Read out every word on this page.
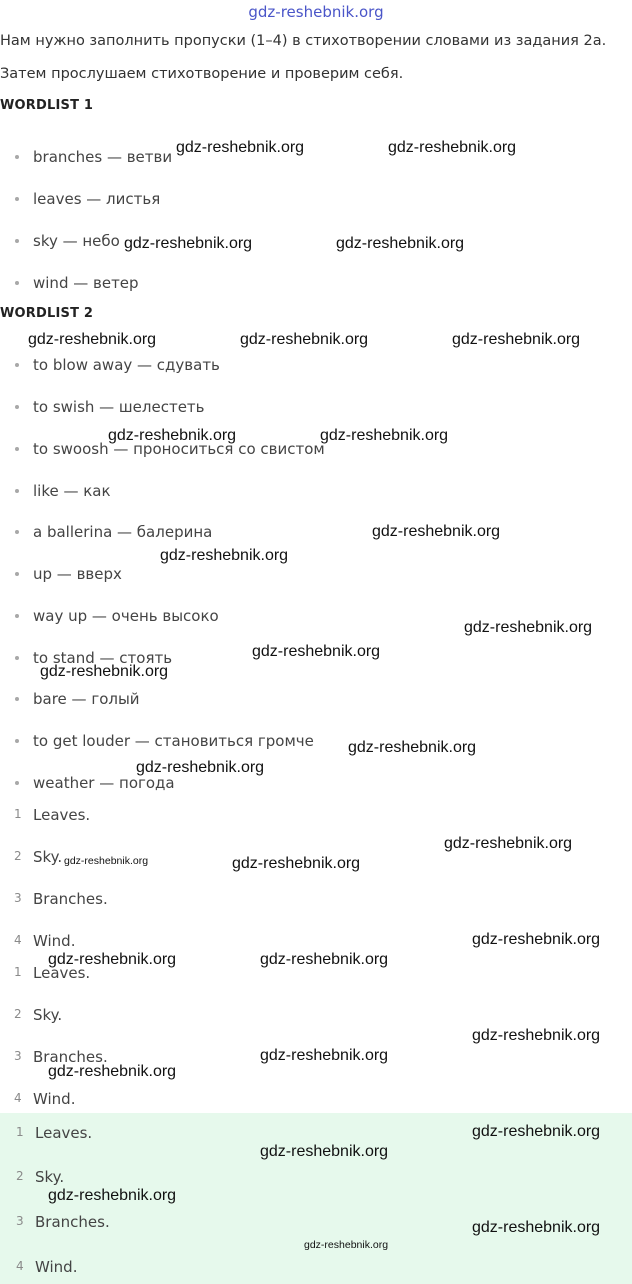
gdz-reshebnik.org
Нам нужно заполнить пропуски (1–4) в стихотворении словами из задания 2a.
Затем прослушаем стихотворение и проверим себя.
WORDLIST 1
branches — ветви
leaves — листья
sky — небо
wind — ветер
WORDLIST 2
to blow away — сдувать
to swish — шелестеть
to swoosh — проноситься со свистом
like — как
a ballerina — балерина
up — вверх
way up — очень высоко
to stand — стоять
bare — голый
to get louder — становиться громче
weather — погода
1 Leaves.
2 Sky.
3 Branches.
4 Wind.
1 Leaves.
2 Sky.
3 Branches.
4 Wind.
1 Leaves.
2 Sky.
3 Branches.
4 Wind.
gdz-reshebnik.org	gdz-reshebnik.org
gdz-reshebnik.org	gdz-reshebnik.org
gdz-reshebnik.org	gdz-reshebnik.org	gdz-reshebnik.org
gdz-reshebnik.org	gdz-reshebnik.org
gdz-reshebnik.org
gdz-reshebnik.org
gdz-reshebnik.org
gdz-reshebnik.org
gdz-reshebnik.org
gdz-reshebnik.org
gdz-reshebnik.org
gdz-reshebnik.org
gdz-reshebnik.org	gdz-reshebnik.org
gdz-reshebnik.org
gdz-reshebnik.org	gdz-reshebnik.org
gdz-reshebnik.org
gdz-reshebnik.org
gdz-reshebnik.org
gdz-reshebnik.org
gdz-reshebnik.org
gdz-reshebnik.org
gdz-reshebnik.org
gdz-reshebnik.org
